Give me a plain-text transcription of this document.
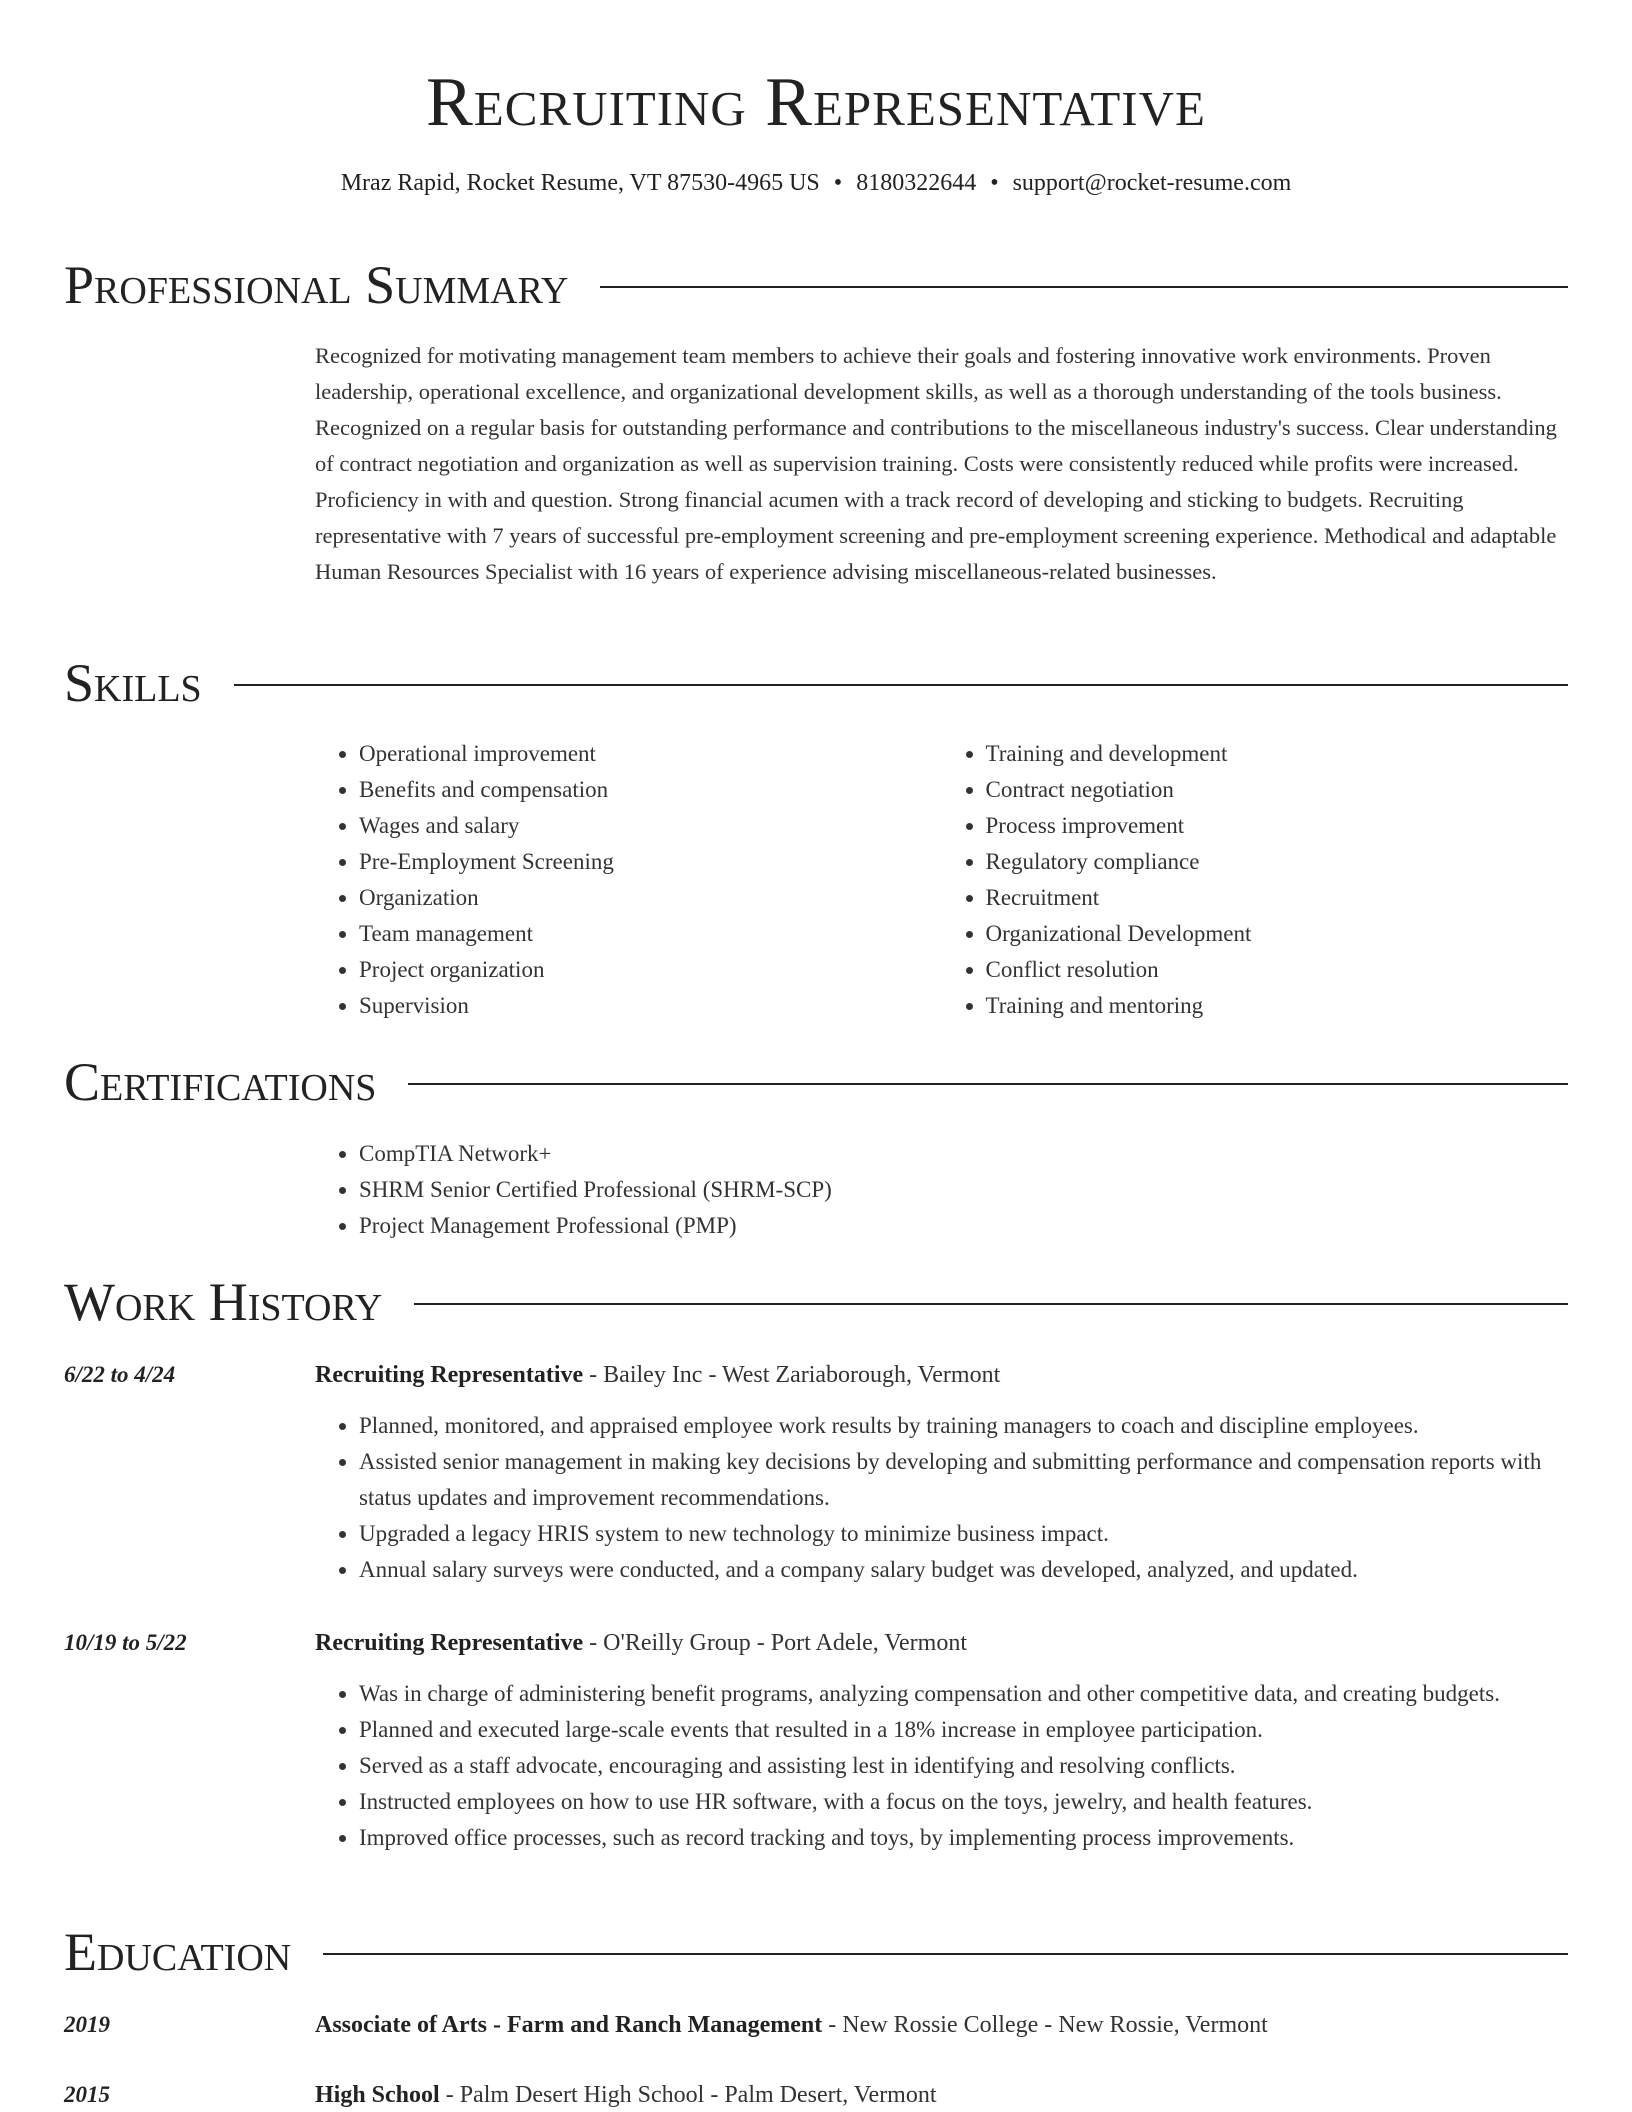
Recruiting Representative
Mraz Rapid, Rocket Resume, VT 87530-4965 US • 8180322644 • support@rocket-resume.com
Professional Summary

Recognized for motivating management team members to achieve their goals and fostering innovative work environments. Proven leadership, operational excellence, and organizational development skills, as well as a thorough understanding of the tools business. Recognized on a regular basis for outstanding performance and contributions to the miscellaneous industry's success. Clear understanding of contract negotiation and organization as well as supervision training. Costs were consistently reduced while profits were increased. Proficiency in with and question. Strong financial acumen with a track record of developing and sticking to budgets. Recruiting representative with 7 years of successful pre-employment screening and pre-employment screening experience. Methodical and adaptable Human Resources Specialist with 16 years of experience advising miscellaneous-related businesses.

Skills
• Operational improvement
• Benefits and compensation
• Wages and salary
• Pre-Employment Screening
• Organization
• Team management
• Project organization
• Supervision
• Training and development
• Contract negotiation
• Process improvement
• Regulatory compliance
• Recruitment
• Organizational Development
• Conflict resolution
• Training and mentoring
Certifications
• CompTIA Network+
• SHRM Senior Certified Professional (SHRM-SCP)
• Project Management Professional (PMP)
Work History
6/22 to 4/24	Recruiting Representative - Bailey Inc - West Zariaborough, Vermont
• Planned, monitored, and appraised employee work results by training managers to coach and discipline employees.
• Assisted senior management in making key decisions by developing and submitting performance and compensation reports with status updates and improvement recommendations.
• Upgraded a legacy HRIS system to new technology to minimize business impact.
• Annual salary surveys were conducted, and a company salary budget was developed, analyzed, and updated.
10/19 to 5/22	Recruiting Representative - O'Reilly Group - Port Adele, Vermont
• Was in charge of administering benefit programs, analyzing compensation and other competitive data, and creating budgets.
• Planned and executed large-scale events that resulted in a 18% increase in employee participation.
• Served as a staff advocate, encouraging and assisting lest in identifying and resolving conflicts.
• Instructed employees on how to use HR software, with a focus on the toys, jewelry, and health features.
• Improved office processes, such as record tracking and toys, by implementing process improvements.
Education
2019	Associate of Arts - Farm and Ranch Management - New Rossie College - New Rossie, Vermont
2015	High School - Palm Desert High School - Palm Desert, Vermont
